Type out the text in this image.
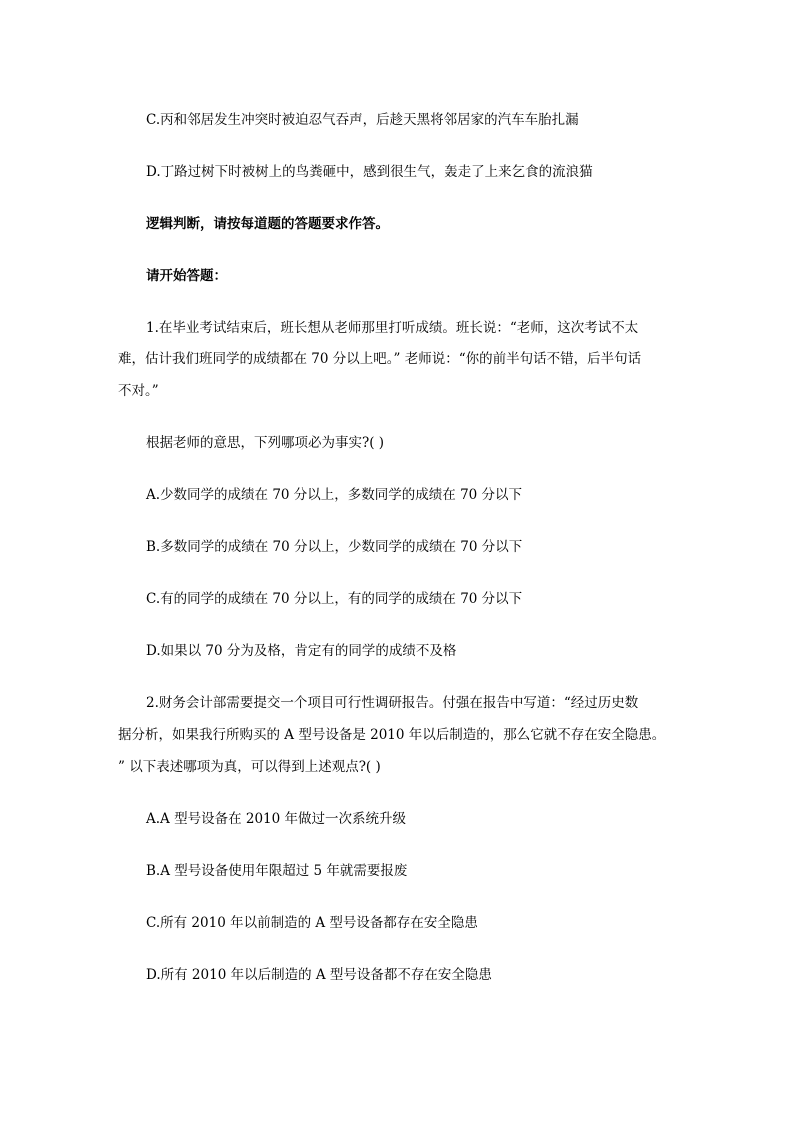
C.丙和邻居发生冲突时被迫忍气吞声，后趁天黑将邻居家的汽车车胎扎漏
D.丁路过树下时被树上的鸟粪砸中，感到很生气，轰走了上来乞食的流浪猫
逻辑判断，请按每道题的答题要求作答。
请开始答题：
1.在毕业考试结束后，班长想从老师那里打听成绩。班长说：“老师，这次考试不太
难，估计我们班同学的成绩都在 70 分以上吧。” 老师说：“你的前半句话不错，后半句话
不对。”
根据老师的意思，下列哪项必为事实?( )
A.少数同学的成绩在 70 分以上，多数同学的成绩在 70 分以下
B.多数同学的成绩在 70 分以上，少数同学的成绩在 70 分以下
C.有的同学的成绩在 70 分以上，有的同学的成绩在 70 分以下
D.如果以 70 分为及格，肯定有的同学的成绩不及格
2.财务会计部需要提交一个项目可行性调研报告。付强在报告中写道：“经过历史数
据分析，如果我行所购买的 A 型号设备是 2010 年以后制造的，那么它就不存在安全隐患。
” 以下表述哪项为真，可以得到上述观点?( )
A.A 型号设备在 2010 年做过一次系统升级
B.A 型号设备使用年限超过 5 年就需要报废
C.所有 2010 年以前制造的 A 型号设备都存在安全隐患
D.所有 2010 年以后制造的 A 型号设备都不存在安全隐患
